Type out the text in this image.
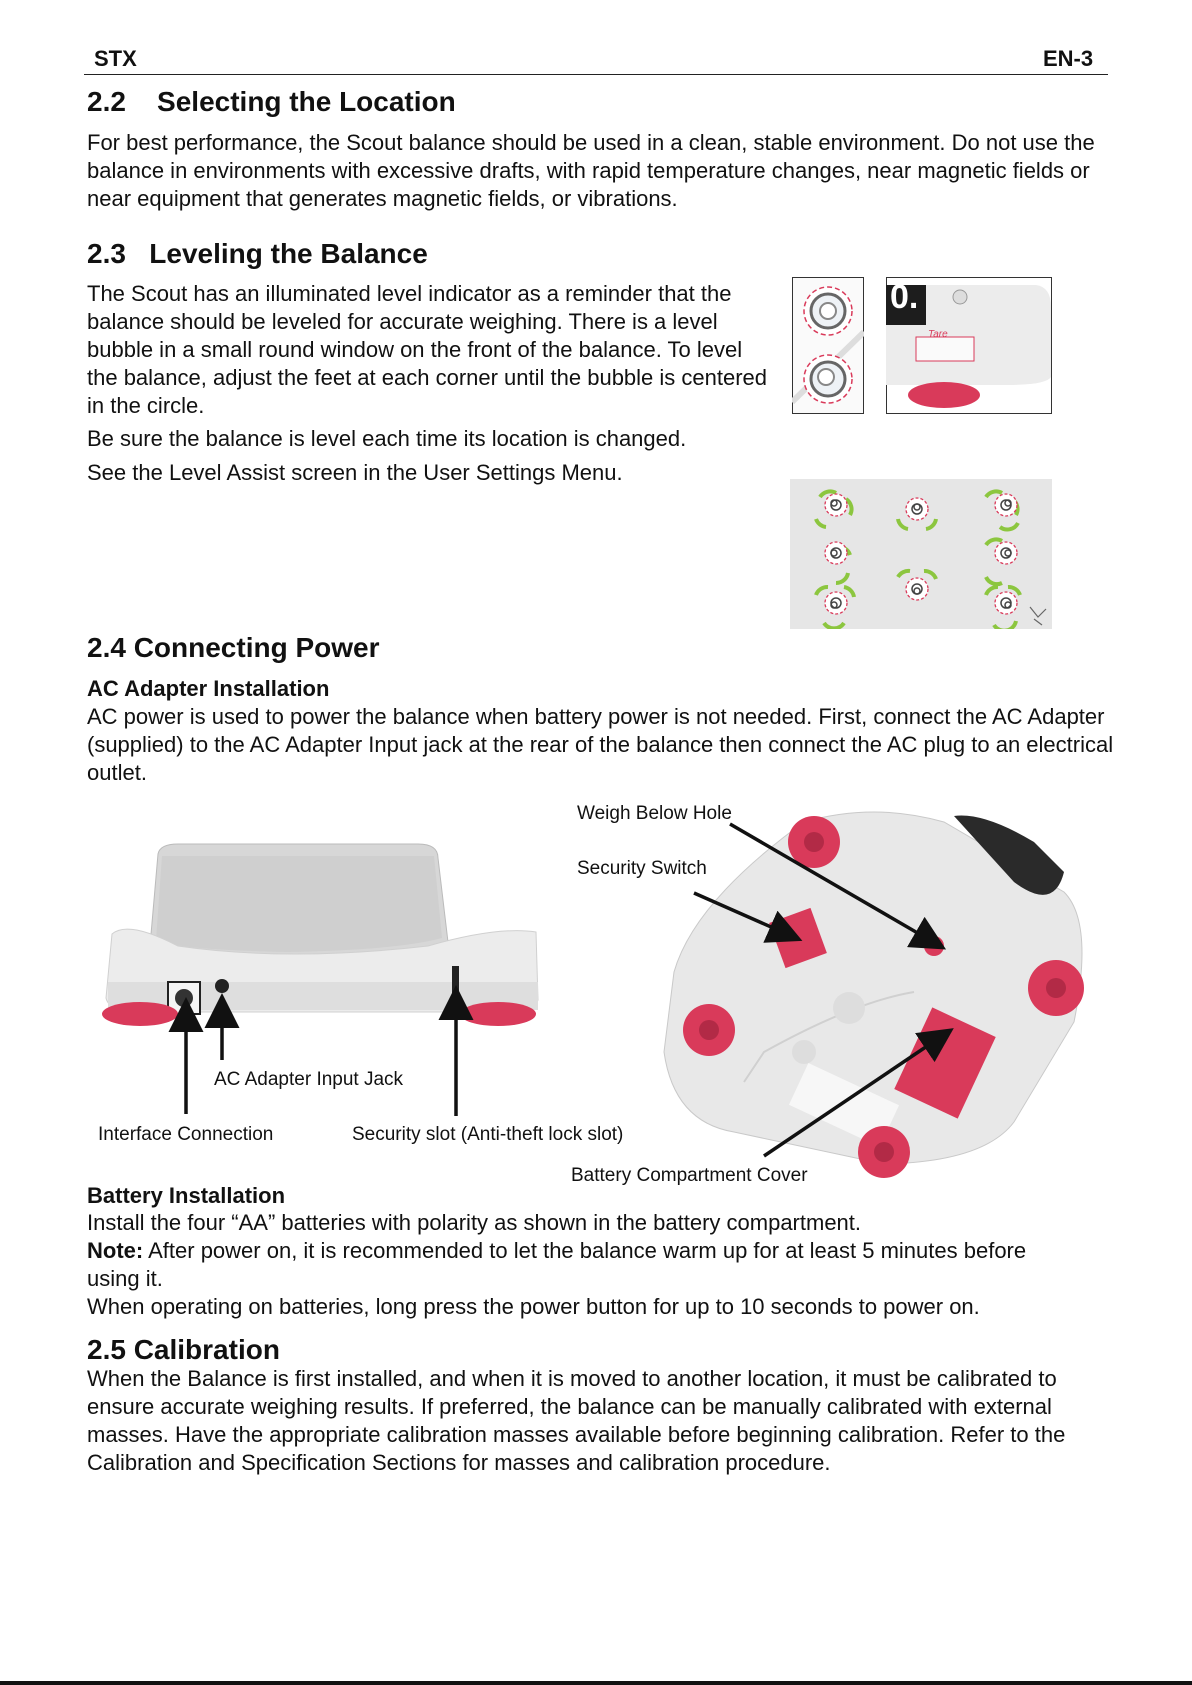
STX	EN-3
2.2    Selecting the Location

For best performance, the Scout balance should be used in a clean, stable environment. Do not use the balance in environments with excessive drafts, with rapid temperature changes, near magnetic fields or near equipment that generates magnetic fields, or vibrations.

2.3   Leveling the Balance

The Scout has an illuminated level indicator as a reminder that the balance should be leveled for accurate weighing. There is a level bubble in a small round window on the front of the balance. To level the balance, adjust the feet at each corner until the bubble is centered in the circle.

Be sure the balance is level each time its location is changed.

See the Level Assist screen in the User Settings Menu.

0.
Tare
2.4 Connecting Power
AC Adapter Installation

AC power is used to power the balance when battery power is not needed. First, connect the AC Adapter (supplied) to the AC Adapter Input jack at the rear of the balance then connect the AC plug to an electrical outlet.

Weigh Below Hole
Security Switch
AC Adapter Input Jack
Interface Connection	Security slot (Anti-theft lock slot)
Battery Compartment Cover
Battery Installation

Install the four “AA” batteries with polarity as shown in the battery compartment.

Note: After power on, it is recommended to let the balance warm up for at least 5 minutes before using it.

When operating on batteries, long press the power button for up to 10 seconds to power on.

2.5 Calibration

When the Balance is first installed, and when it is moved to another location, it must be calibrated to ensure accurate weighing results. If preferred, the balance can be manually calibrated with external masses. Have the appropriate calibration masses available before beginning calibration. Refer to the Calibration and Specification Sections for masses and calibration procedure.
